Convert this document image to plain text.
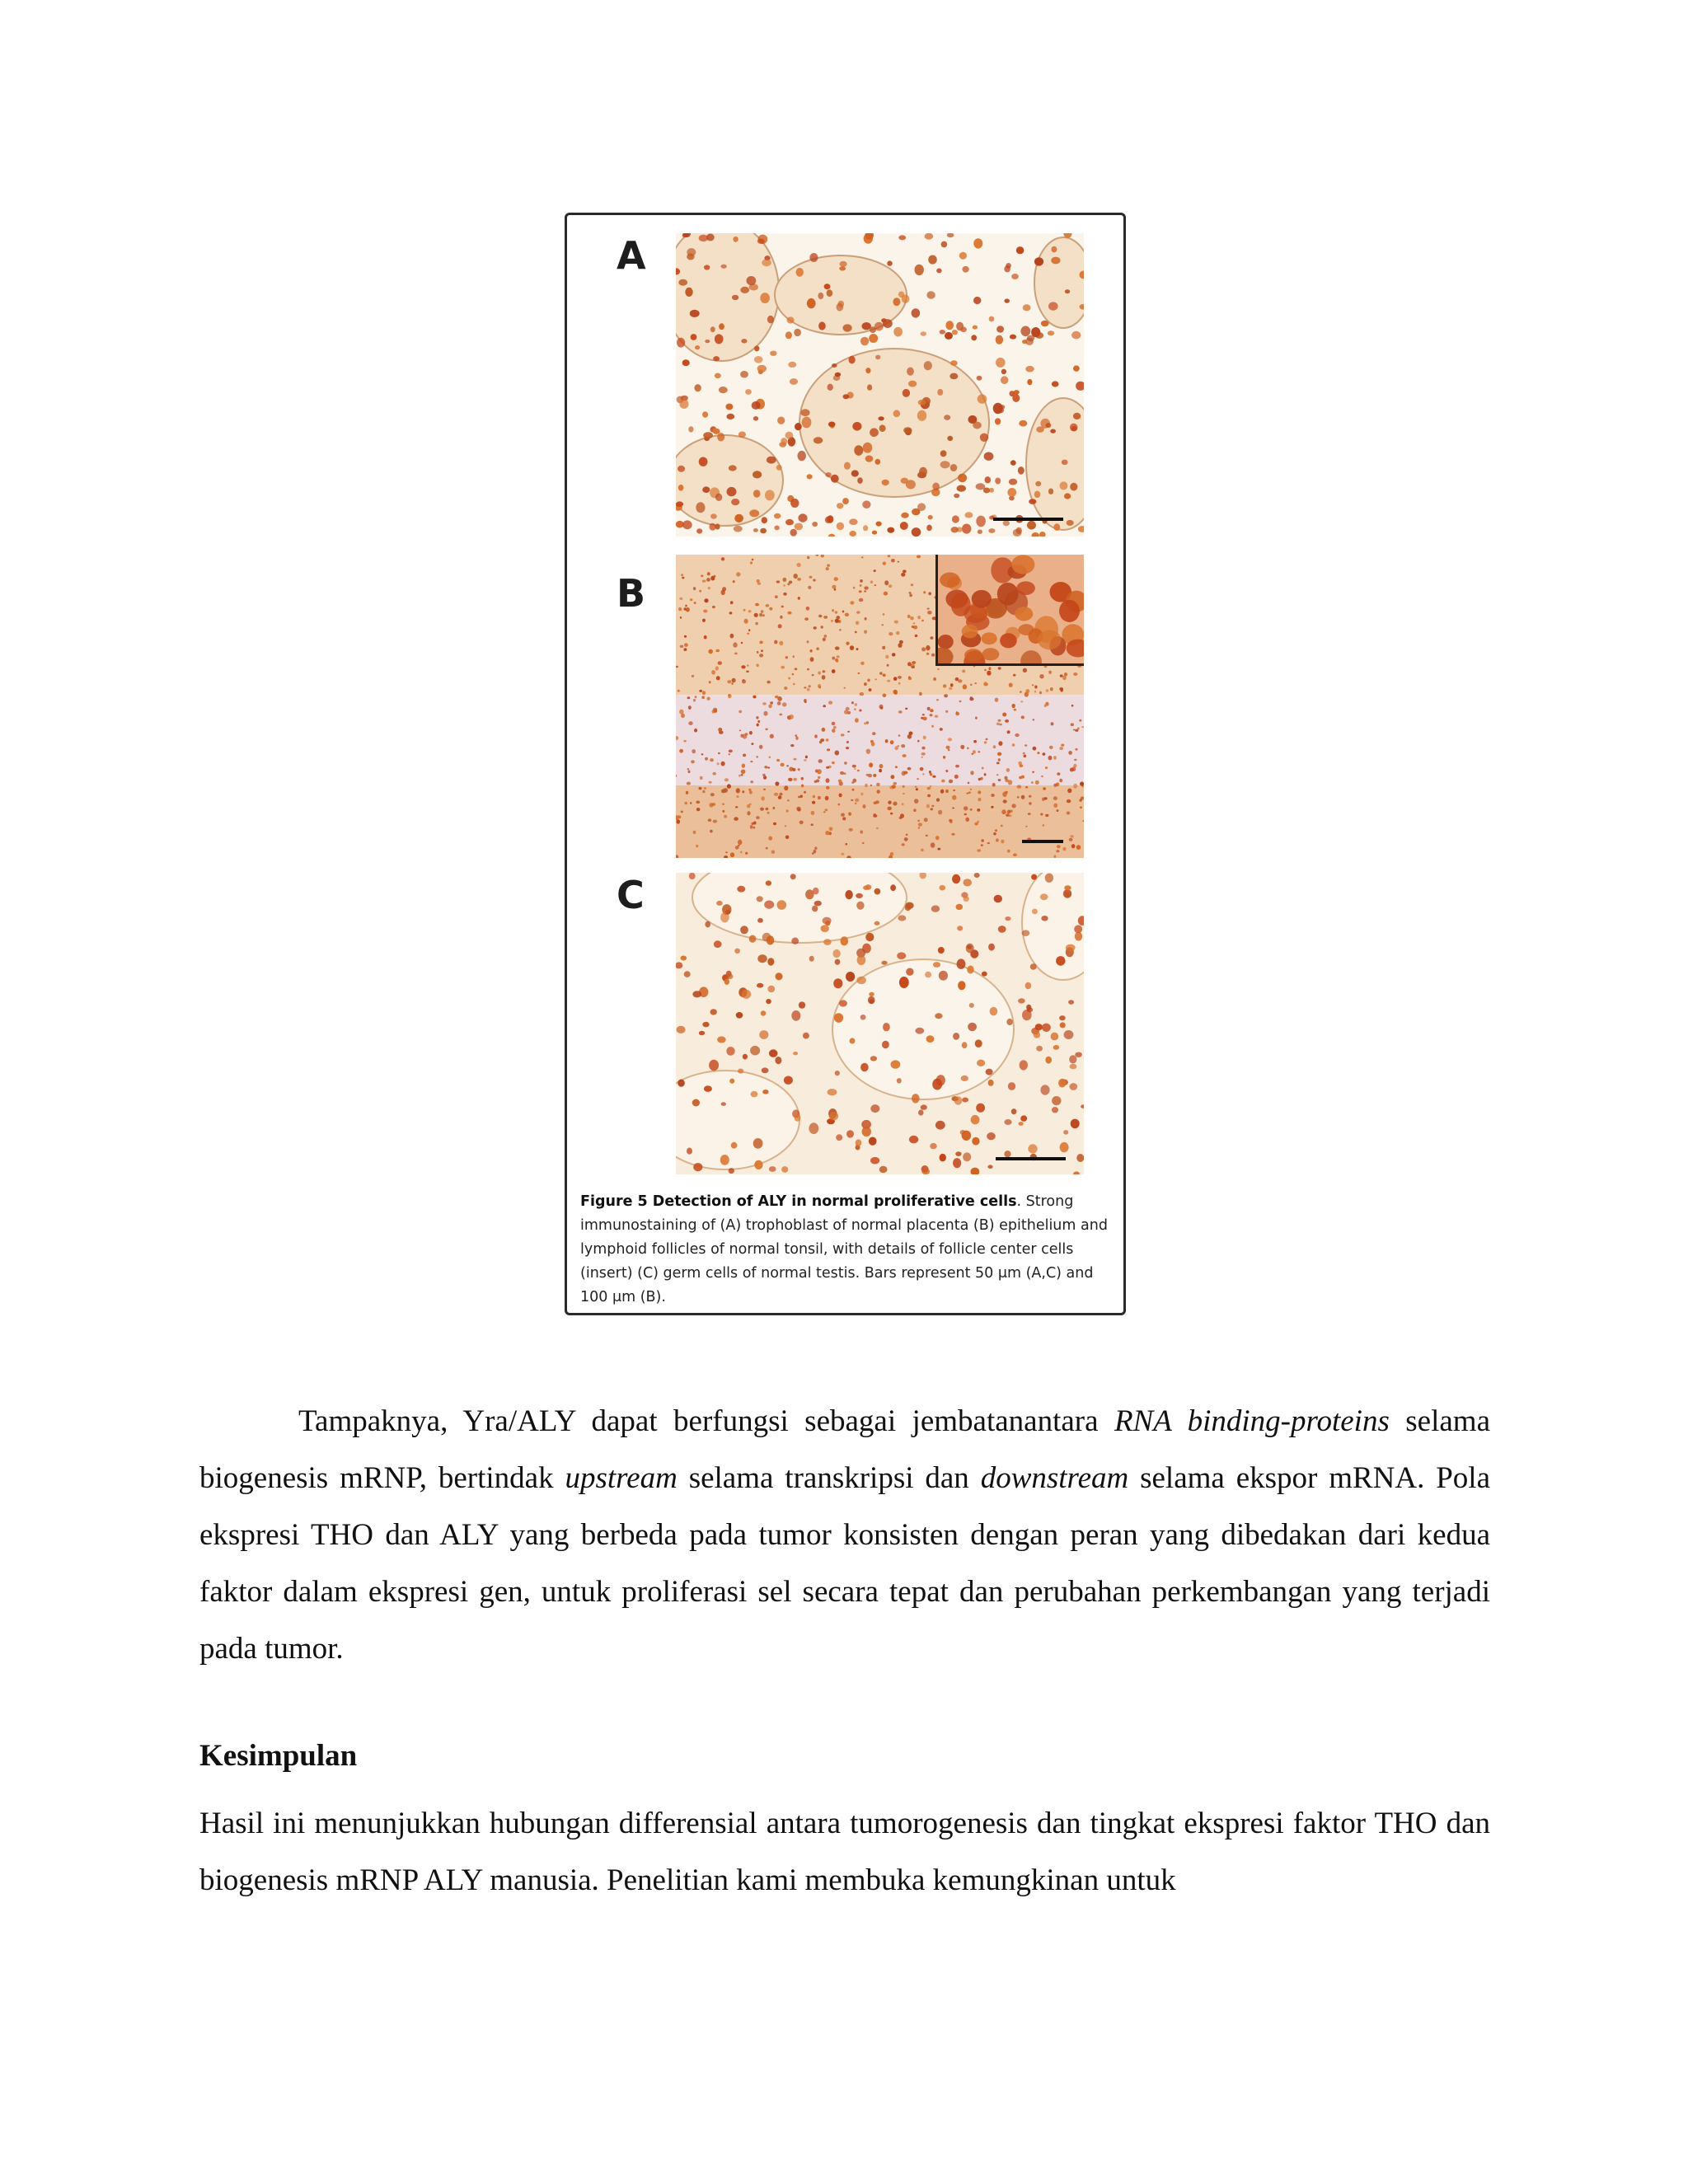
A
B
C
Figure 5 Detection of ALY in normal proliferative cells. Strong immunostaining of (A) trophoblast of normal placenta (B) epithelium and lymphoid follicles of normal tonsil, with details of follicle center cells (insert) (C) germ cells of normal testis. Bars represent 50 μm (A,C) and 100 μm (B).

Tampaknya, Yra/ALY dapat berfungsi sebagai jembatanantara RNA binding-proteins selama biogenesis mRNP, bertindak upstream selama transkripsi dan downstream selama ekspor mRNA. Pola ekspresi THO dan ALY yang berbeda pada tumor konsisten dengan peran yang dibedakan dari kedua faktor dalam ekspresi gen, untuk proliferasi sel secara tepat dan perubahan perkembangan yang terjadi pada tumor.

Kesimpulan

Hasil ini menunjukkan hubungan differensial antara tumorogenesis dan tingkat ekspresi faktor THO dan biogenesis mRNP ALY manusia. Penelitian kami membuka kemungkinan untuk
